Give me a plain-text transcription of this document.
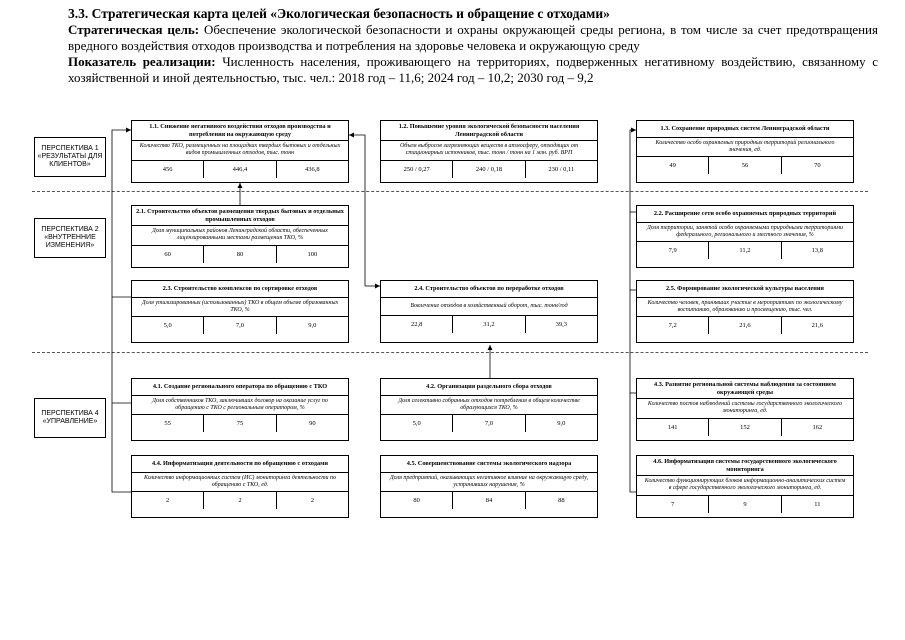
3.3. Стратегическая карта целей «Экологическая безопасность и обращение с отходами»

Стратегическая цель: Обеспечение экологической безопасности и охраны окружающей среды региона, в том числе за счет предотвращения вредного воздействия отходов производства и потребления на здоровье человека и окружающую среду

Показатель реализации: Численность населения, проживающего на территориях, подверженных негативному воздействию, связанному с хозяйственной и иной деятельностью, тыс. чел.: 2018 год – 11,6; 2024 год – 10,2; 2030 год – 9,2

ПЕРСПЕКТИВА 1 «РЕЗУЛЬТАТЫ ДЛЯ КЛИЕНТОВ»
ПЕРСПЕКТИВА 2 «ВНУТРЕННИЕ ИЗМЕНЕНИЯ»
ПЕРСПЕКТИВА 4 «УПРАВЛЕНИЕ»
1.1. Снижение негативного воздействия отходов производства и потребления на окружающую среду
Количество ТКО, размещенных на площадках твердых бытовых и отдельных видов промышленных отходов, тыс. тонн
456	446,4	436,8
1.2. Повышение уровня экологической безопасности населения Ленинградской области
Объем выбросов загрязняющих веществ в атмосферу, отходящих от стационарных источников, тыс. тонн / тонн на 1 млн. руб. ВРП
250 / 0,27	240 / 0,18	230 / 0,11
1.3. Сохранение природных систем Ленинградской области
Количество особо охраняемых природных территорий регионального значения, ед.
49	56	70
2.1. Строительство объектов размещения твердых бытовых и отдельных промышленных отходов
Доля муниципальных районов Ленинградской области, обеспеченных лицензированными местами размещения ТКО, %
60	80	100
2.2. Расширение сети особо охраняемых природных территорий
Доля территории, занятой особо охраняемыми природными территориями федерального, регионального и местного значения, %
7,9	11,2	13,8
2.3. Строительство комплексов по сортировке отходов
Доля утилизированных (использованных) ТКО в общем объеме образованных ТКО, %
5,0	7,0	9,0
2.4. Строительство объектов по переработке отходов
Вовлечение отходов в хозяйственный оборот, тыс. тонн/год
22,8	31,2	39,3
2.5. Формирование экологической культуры населения
Количество человек, принявших участие в мероприятиях по экологическому воспитанию, образованию и просвещению, тыс. чел.
7,2	21,6	21,6
4.1. Создание регионального оператора по обращению с ТКО
Доля собственников ТКО, заключивших договор на оказание услуг по обращению с ТКО с региональным оператором, %
55	75	90
4.2. Организация раздельного сбора отходов
Доля селективно собранных отходов потребления в общем количестве образующихся ТКО, %
5,0	7,0	9,0
4.3. Развитие региональной системы наблюдения за состоянием окружающей среды
Количество постов наблюдений системы государственного экологического мониторинга, ед.
141	152	162
4.4. Информатизация деятельности по обращению с отходами
Количество информационных систем (ИС) мониторинга деятельности по обращению с ТКО, ед.
2	2	2
4.5. Совершенствование системы экологического надзора
Доля предприятий, оказывающих негативное влияние на окружающую среду, устранивших нарушения, %
80	84	88
4.6. Информатизация системы государственного экологического мониторинга
Количество функционирующих блоков информационно-аналитических систем в сфере государственного экологического мониторинга, ед.
7	9	11
